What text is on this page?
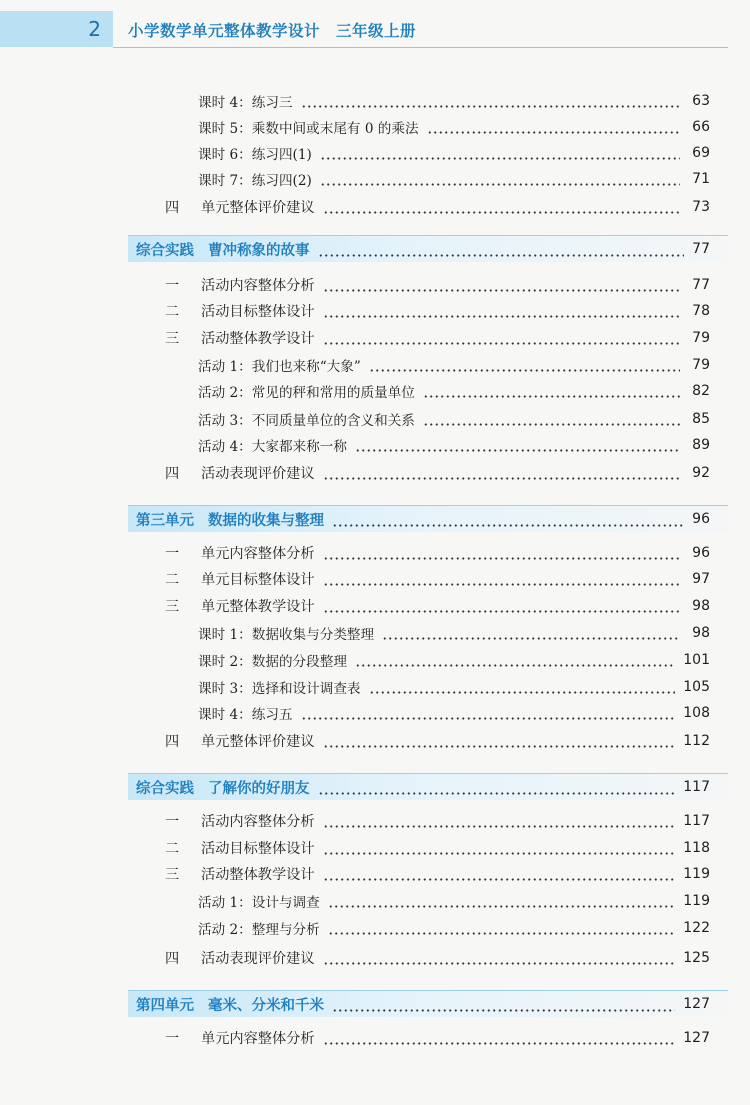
2	小学数学单元整体教学设计　三年级上册
课时 4：练习三	63
课时 5：乘数中间或末尾有 0 的乘法	66
课时 6：练习四(1)	69
课时 7：练习四(2)	71
四 单元整体评价建议	73
综合实践 曹冲称象的故事	77
一 活动内容整体分析	77
二 活动目标整体设计	78
三 活动整体教学设计	79
活动 1：我们也来称“大象”	79
活动 2：常见的秤和常用的质量单位	82
活动 3：不同质量单位的含义和关系	85
活动 4：大家都来称一称	89
四 活动表现评价建议	92
第三单元 数据的收集与整理	96
一 单元内容整体分析	96
二 单元目标整体设计	97
三 单元整体教学设计	98
课时 1：数据收集与分类整理	98
课时 2：数据的分段整理	101
课时 3：选择和设计调查表	105
课时 4：练习五	108
四 单元整体评价建议	112
综合实践 了解你的好朋友	117
一 活动内容整体分析	117
二 活动目标整体设计	118
三 活动整体教学设计	119
活动 1：设计与调查	119
活动 2：整理与分析	122
四 活动表现评价建议	125
第四单元 毫米、分米和千米	127
一 单元内容整体分析	127
